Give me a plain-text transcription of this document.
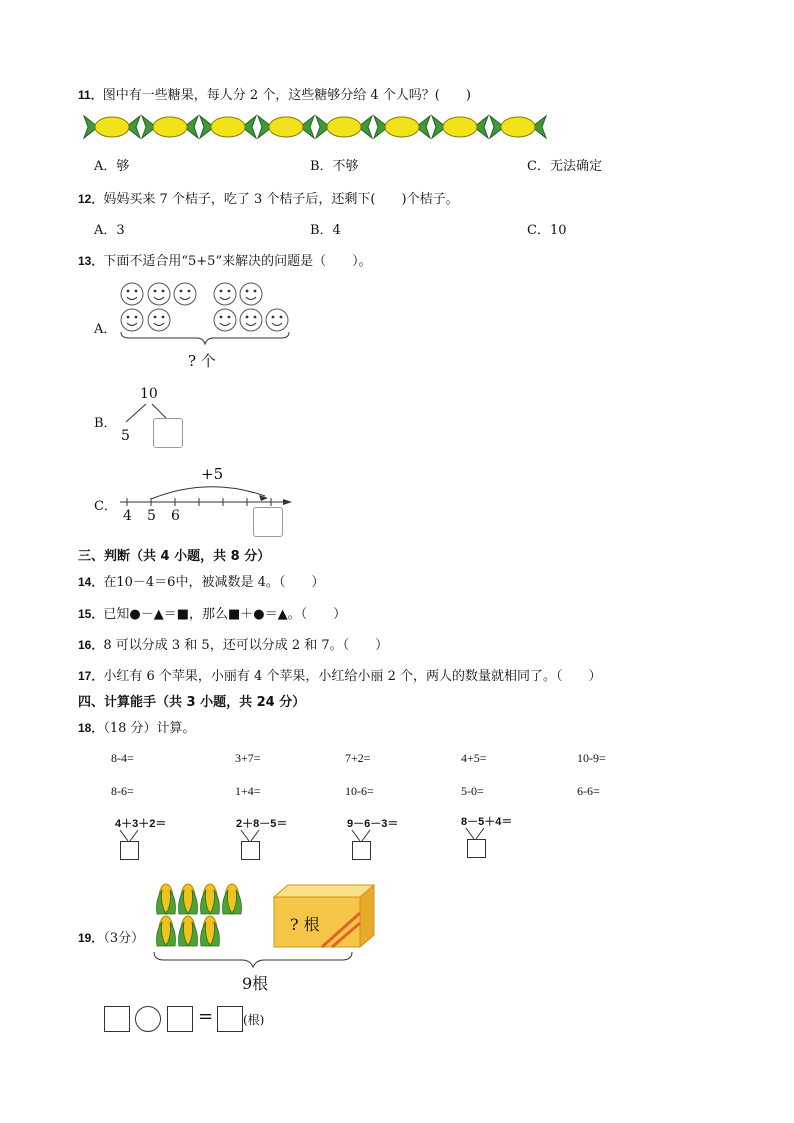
11．图中有一些糖果，每人分 2 个，这些糖够分给 4 个人吗？(　　)
A．够	B．不够	C．无法确定
12．妈妈买来 7 个桔子，吃了 3 个桔子后，还剩下(　　)个桔子。
A．3	B．4	C．10
13．下面不适合用“5+5”来解决的问题是（　　）。
A．
? 个
B．
10
5
C．
+5
4 5 6
三、判断（共 4 小题，共 8 分）
14．在10－4＝6中，被减数是 4。（　　）
15．已知●－▲＝■，那么■＋●＝▲。（　　）
16．8 可以分成 3 和 5，还可以分成 2 和 7。（　　）
17．小红有 6 个苹果，小丽有 4 个苹果，小红给小丽 2 个，两人的数量就相同了。（　　）
四、计算能手（共 3 小题，共 24 分）
18．（18 分）计算。
8-4=	3+7=	7+2=	4+5=	10-9=
8-6=	1+4=	10-6=	5-0=	6-6=
4＋3＋2＝	2＋8－5＝	9－6－3＝	8－5＋4＝
19．（3分）
? 根
9根
= (根)
